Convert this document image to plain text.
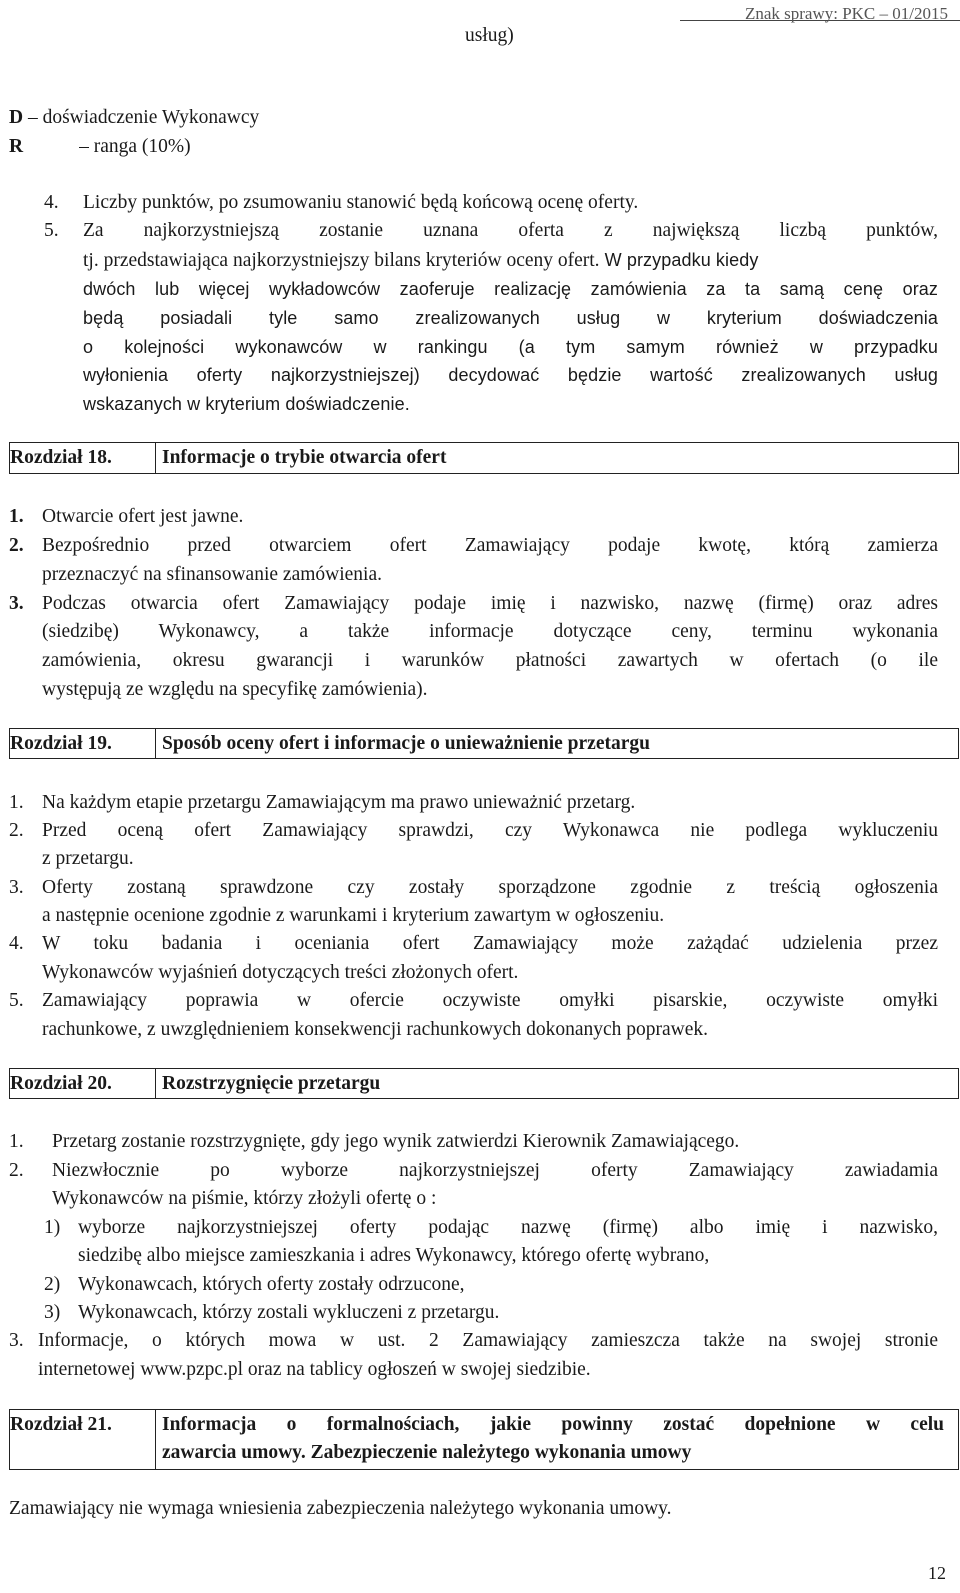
Znak sprawy: PKC – 01/2015
usług)
D – doświadczenie Wykonawcy
R	– ranga (10%)
4. Liczby punktów, po zsumowaniu stanowić będą końcową ocenę oferty.
5. Za najkorzystniejszą zostanie uznana oferta z największą liczbą punktów,
tj. przedstawiająca najkorzystniejszy bilans kryteriów oceny ofert. W przypadku kiedy
dwóch lub więcej wykładowców zaoferuje realizację zamówienia za ta samą cenę oraz
będą posiadali tyle samo zrealizowanych usług w kryterium doświadczenia
o kolejności wykonawców w rankingu (a tym samym również w przypadku
wyłonienia oferty najkorzystniejszej) decydować będzie wartość zrealizowanych usług
wskazanych w kryterium doświadczenie.
Rozdział 18.	Informacje o trybie otwarcia ofert
1. Otwarcie ofert jest jawne.
2. Bezpośrednio przed otwarciem ofert Zamawiający podaje kwotę, którą zamierza
przeznaczyć na sfinansowanie zamówienia.
3. Podczas otwarcia ofert Zamawiający podaje imię i nazwisko, nazwę (firmę) oraz adres
(siedzibę) Wykonawcy, a także informacje dotyczące ceny, terminu wykonania
zamówienia, okresu gwarancji i warunków płatności zawartych w ofertach (o ile
występują ze względu na specyfikę zamówienia).
Rozdział 19.	Sposób oceny ofert i informacje o unieważnienie przetargu
1. Na każdym etapie przetargu Zamawiającym ma prawo unieważnić przetarg.
2. Przed oceną ofert Zamawiający sprawdzi, czy Wykonawca nie podlega wykluczeniu
z przetargu.
3. Oferty zostaną sprawdzone czy zostały sporządzone zgodnie z treścią ogłoszenia
a następnie ocenione zgodnie z warunkami i kryterium zawartym w ogłoszeniu.
4. W toku badania i oceniania ofert Zamawiający może zażądać udzielenia przez
Wykonawców wyjaśnień dotyczących treści złożonych ofert.
5. Zamawiający poprawia w ofercie oczywiste omyłki pisarskie, oczywiste omyłki
rachunkowe, z uwzględnieniem konsekwencji rachunkowych dokonanych poprawek.
Rozdział 20.	Rozstrzygnięcie przetargu
1. Przetarg zostanie rozstrzygnięte, gdy jego wynik zatwierdzi Kierownik Zamawiającego.
2. Niezwłocznie po wyborze najkorzystniejszej oferty Zamawiający zawiadamia
Wykonawców na piśmie, którzy złożyli ofertę o :
1) wyborze najkorzystniejszej oferty podając nazwę (firmę) albo imię i nazwisko,
siedzibę albo miejsce zamieszkania i adres Wykonawcy, którego ofertę wybrano,
2) Wykonawcach, których oferty zostały odrzucone,
3) Wykonawcach, którzy zostali wykluczeni z przetargu.
3. Informacje, o których mowa w ust. 2 Zamawiający zamieszcza także na swojej stronie
internetowej www.pzpc.pl oraz na tablicy ogłoszeń w swojej siedzibie.
Rozdział 21.	Informacja o formalnościach, jakie powinny zostać dopełnione w celu
zawarcia umowy. Zabezpieczenie należytego wykonania umowy
Zamawiający nie wymaga wniesienia zabezpieczenia należytego wykonania umowy.
12
